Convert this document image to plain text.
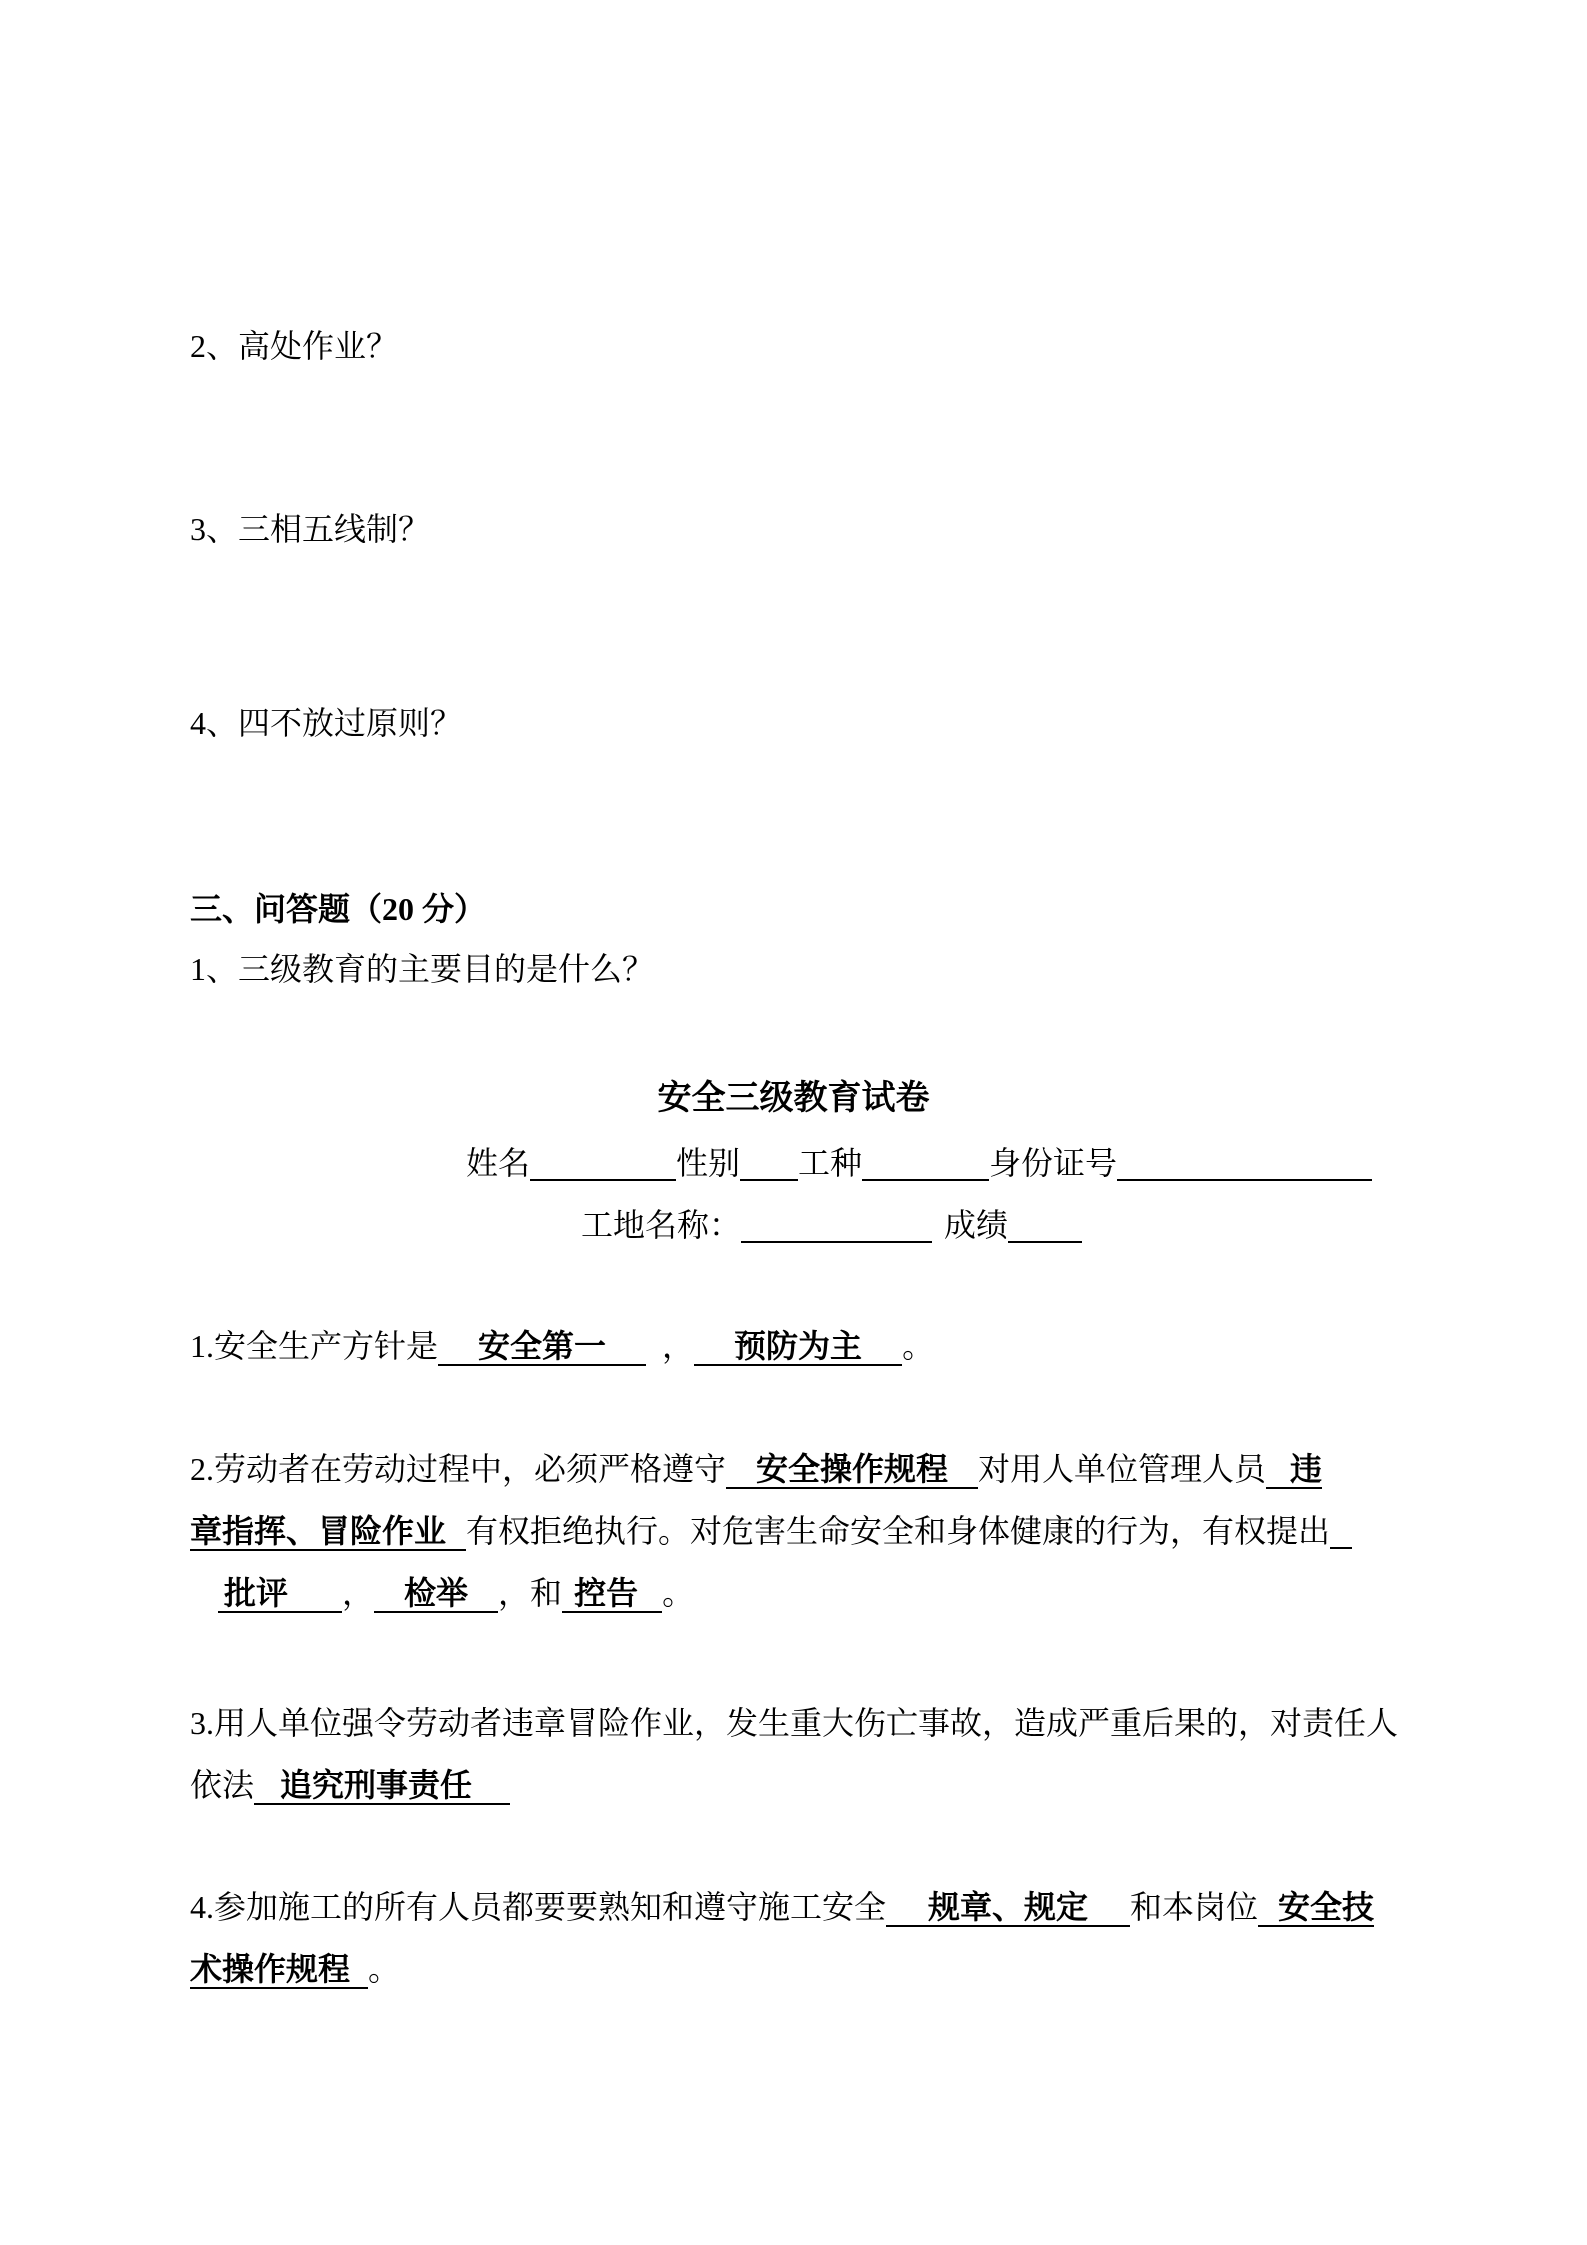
2、高处作业？
3、三相五线制？
4、四不放过原则？
三、问答题（20 分）
1、三级教育的主要目的是什么？
安全三级教育试卷
姓名	性别 工种	身份证号
工地名称：	成绩
1.安全生产方针是 安全第一  ， 预防为主 。
2.劳动者在劳动过程中，必须严格遵守 安全操作规程 对用人单位管理人员 违
章指挥、冒险作业 有权拒绝执行。对危害生命安全和身体健康的行为，有权提出
批评 ， 检举 ，和 控告 。
3.用人单位强令劳动者违章冒险作业，发生重大伤亡事故，造成严重后果的，对责任人
依法 追究刑事责任
4.参加施工的所有人员都要要熟知和遵守施工安全 规章、规定 和本岗位 安全技
术操作规程 。
